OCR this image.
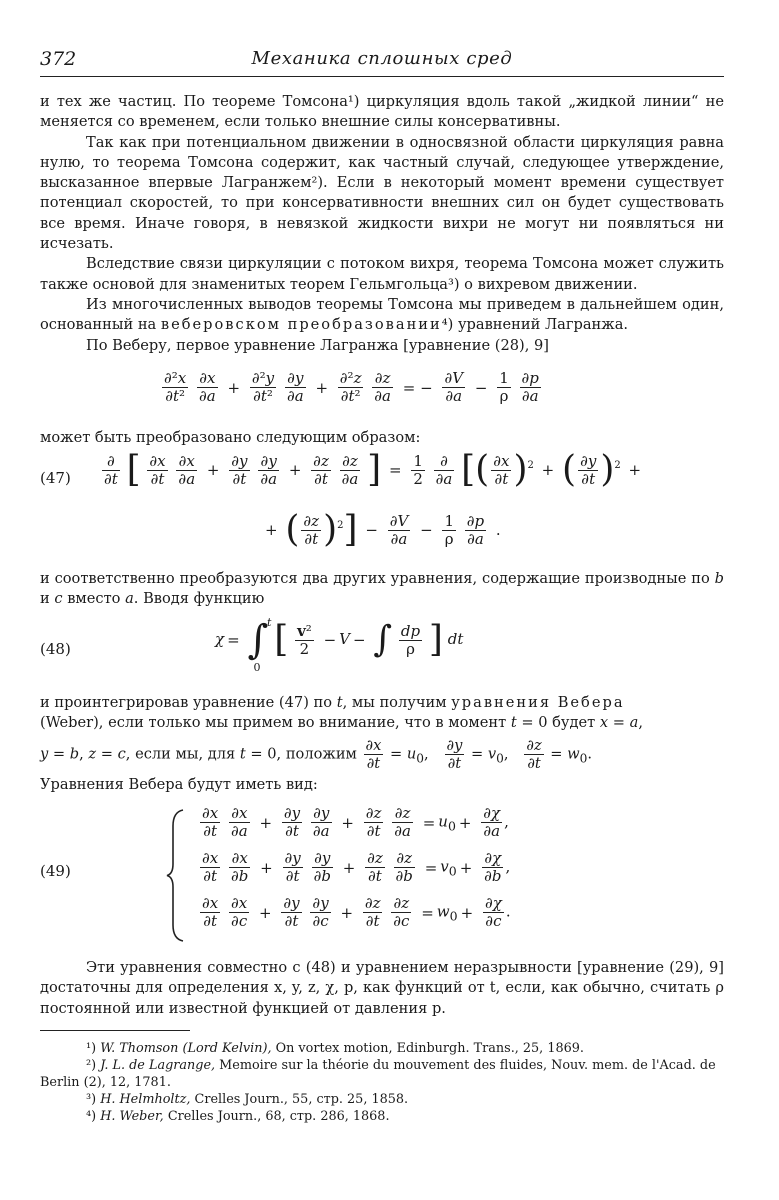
372	Механика сплошных сред

и тех же частиц. По теореме Томсона¹) циркуляция вдоль такой „жидкой линии“ не меняется со временем, если только внешние силы консервативны.

Так как при потенциальном движении в односвязной области циркуляция равна нулю, то теорема Томсона содержит, как частный случай, следующее утверждение, высказанное впервые Лагранжем²). Если в некоторый момент времени существует потенциал скоростей, то при консервативности внешних сил он будет существовать все время. Иначе говоря, в невязкой жидкости вихри не могут ни появляться ни исчезать.

Вследствие связи циркуляции с потоком вихря, теорема Томсона может служить также основой для знаменитых теорем Гельмгольца³) о вихревом движении.

Из многочисленных выводов теоремы Томсона мы приведем в дальнейшем один, основанный на веберовском преобразовании⁴) уравнений Лагранжа.

По Веберу, первое уравнение Лагранжа [уравнение (28), 9]

$\frac{\text{∂²x}}{\text{∂t²}}$
$\frac{\partial x}{\partial a} + \frac{\text{∂²y}}{\text{∂t²}}$
$\frac{\partial y}{\partial a} + \frac{\text{∂²z}}{\text{∂t²}}$
$\frac{\partial z}{\partial a}$ = − $\frac{\partial V}{\partial a} - \frac{1}{\rho}$
$\frac{\partial p}{\partial a}$

может быть преобразовано следующим образом:

$(47) \frac{\partial}{\partial t}$ [ $\frac{\partial x}{\partial t}$
$\frac{\partial x}{\partial a} + \frac{\partial y}{\partial t}$
$\frac{\partial y}{\partial a} + \frac{\partial z}{\partial t}$
$\frac{\partial z}{\partial a}$ ] = $\frac{1}{2}$
$\frac{\partial}{\partial a}$ [( $\frac{\partial x}{\partial t} )^2$ + ( $\frac{\partial y}{\partial t} )^2$ +
+ ( $\frac{\partial z}{\partial t} )^2] - \frac{\partial V}{\partial a} - \frac{1}{\rho}$
$\frac{\partial p}{\partial a}$ .

и соответственно преобразуются два других уравнения, содержащие производные по b и c вместо a. Вводя функцию

(48)
χ = ∫
t
0
[ $\frac{\text{v²}}{2} - V$ − ∫ $\frac{dp}{\rho}$ ] dt

и проинтегрировав уравнение (47) по t, мы получим уравнения Вебера

(Weber), если только мы примем во внимание, что в момент t = 0 будет x = a,

y = b, z = c, если мы, для t = 0, положим $\frac{\partial x}{\partial t} = u_0$, $\frac{\partial y}{\partial t} = v_0$, $\frac{\partial z}{\partial t} = w_0$.

Уравнения Вебера будут иметь вид:

(49)
$\frac{\partial x}{\partial t}$
$\frac{\partial x}{\partial a} + \frac{\partial y}{\partial t}$
$\frac{\partial y}{\partial a} + \frac{\partial z}{\partial t}$
$\frac{\partial z}{\partial a} = u_0 + \frac{\partial\chi}{\partial a}$ ,
$\frac{\partial x}{\partial t}$
$\frac{\partial x}{\partial b} + \frac{\partial y}{\partial t}$
$\frac{\partial y}{\partial b} + \frac{\partial z}{\partial t}$
$\frac{\partial z}{\partial b} = v_0 + \frac{\partial\chi}{\partial b}$ ,
$\frac{\partial x}{\partial t}$
$\frac{\partial x}{\partial c} + \frac{\partial y}{\partial t}$
$\frac{\partial y}{\partial c} + \frac{\partial z}{\partial t}$
$\frac{\partial z}{\partial c} = w_0 + \frac{\partial\chi}{\partial c}$ .

Эти уравнения совместно с (48) и уравнением неразрывности [уравнение (29), 9] достаточны для определения x, y, z, χ, p, как функций от t, если, как обычно, считать ρ постоянной или известной функцией от давления p.

¹) W. Thomson (Lord Kelvin), On vortex motion, Edinburgh. Trans., 25, 1869.

²) J. L. de Lagrange, Memoire sur la théorie du mouvement des fluides, Nouv. mem. de l'Acad. de Berlin (2), 12, 1781.

³) H. Helmholtz, Crelles Journ., 55, стр. 25, 1858.

⁴) H. Weber, Crelles Journ., 68, стр. 286, 1868.
